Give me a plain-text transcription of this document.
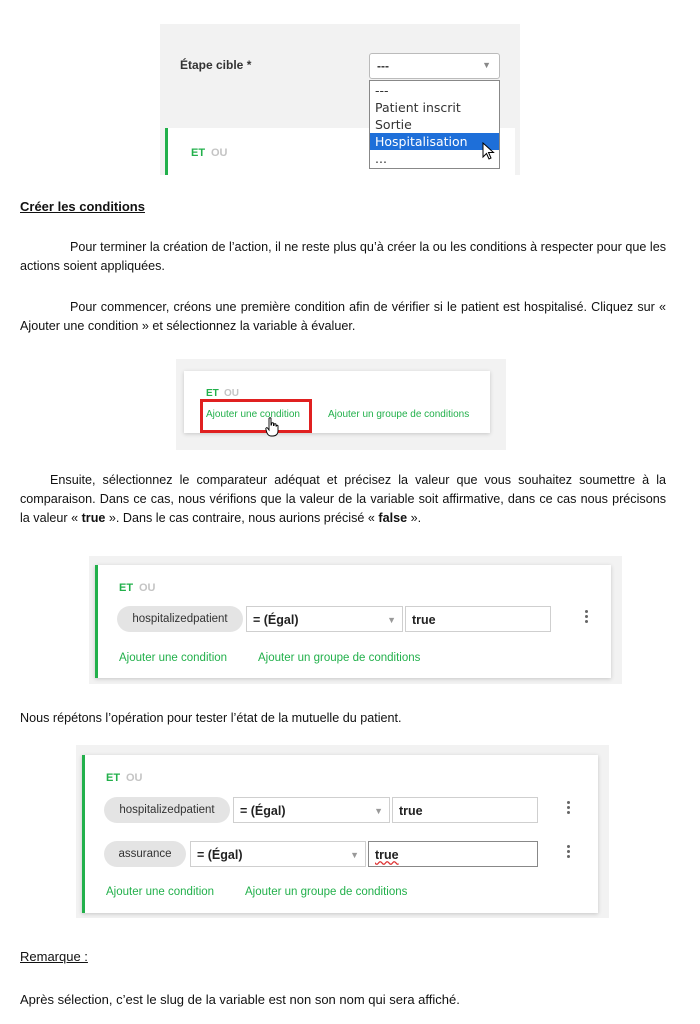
Étape cible *	---	▼
ET OU
---
Patient inscrit
Sortie
Hospitalisation
...
Créer les conditions
Pour terminer la création de l’action, il ne reste plus qu’à créer la ou les conditions à respecter pour que les actions soient appliquées.
Pour commencer, créons une première condition afin de vérifier si le patient est hospitalisé. Cliquez sur « Ajouter une condition » et sélectionnez la variable à évaluer.
ET OU
Ajouter une condition	Ajouter un groupe de conditions
Ensuite, sélectionnez le comparateur adéquat et précisez la valeur que vous souhaitez soumettre à la comparaison. Dans ce cas, nous vérifions que la valeur de la variable soit affirmative, dans ce cas nous précisons la valeur « true ». Dans le cas contraire, nous aurions précisé « false ».
ET OU
hospitalizedpatient	= (Égal)	▼	true
Ajouter une condition	Ajouter un groupe de conditions
Nous répétons l’opération pour tester l’état de la mutuelle du patient.
ET OU
hospitalizedpatient	= (Égal)	▼	true
assurance	= (Égal)	▼	true
Ajouter une condition	Ajouter un groupe de conditions
Remarque :
Après sélection, c’est le slug de la variable est non son nom qui sera affiché.
